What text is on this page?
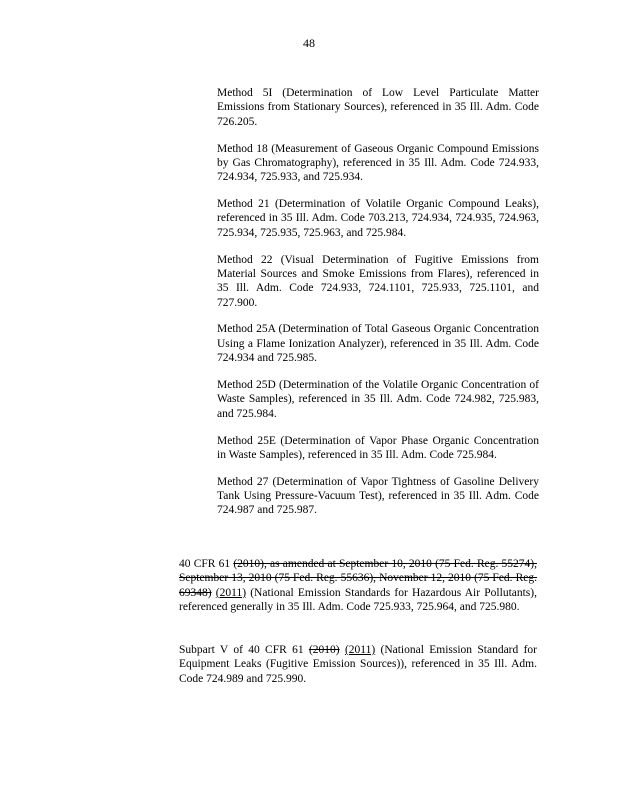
48

Method 5I (Determination of Low Level Particulate Matter Emissions from Stationary Sources), referenced in 35 Ill. Adm. Code 726.205.

Method 18 (Measurement of Gaseous Organic Compound Emissions by Gas Chromatography), referenced in 35 Ill. Adm. Code 724.933, 724.934, 725.933, and 725.934.

Method 21 (Determination of Volatile Organic Compound Leaks), referenced in 35 Ill. Adm. Code 703.213, 724.934, 724.935, 724.963, 725.934, 725.935, 725.963, and 725.984.

Method 22 (Visual Determination of Fugitive Emissions from Material Sources and Smoke Emissions from Flares), referenced in 35 Ill. Adm. Code 724.933, 724.1101, 725.933, 725.1101, and 727.900.

Method 25A (Determination of Total Gaseous Organic Concentration Using a Flame Ionization Analyzer), referenced in 35 Ill. Adm. Code 724.934 and 725.985.

Method 25D (Determination of the Volatile Organic Concentration of Waste Samples), referenced in 35 Ill. Adm. Code 724.982, 725.983, and 725.984.

Method 25E (Determination of Vapor Phase Organic Concentration in Waste Samples), referenced in 35 Ill. Adm. Code 725.984.

Method 27 (Determination of Vapor Tightness of Gasoline Delivery Tank Using Pressure-Vacuum Test), referenced in 35 Ill. Adm. Code 724.987 and 725.987.

40 CFR 61 (2010), as amended at September 10, 2010 (75 Fed. Reg. 55274), September 13, 2010 (75 Fed. Reg. 55636), November 12, 2010 (75 Fed. Reg. 69348) (2011) (National Emission Standards for Hazardous Air Pollutants), referenced generally in 35 Ill. Adm. Code 725.933, 725.964, and 725.980.
Subpart V of 40 CFR 61 (2010) (2011) (National Emission Standard for Equipment Leaks (Fugitive Emission Sources)), referenced in 35 Ill. Adm. Code 724.989 and 725.990.
